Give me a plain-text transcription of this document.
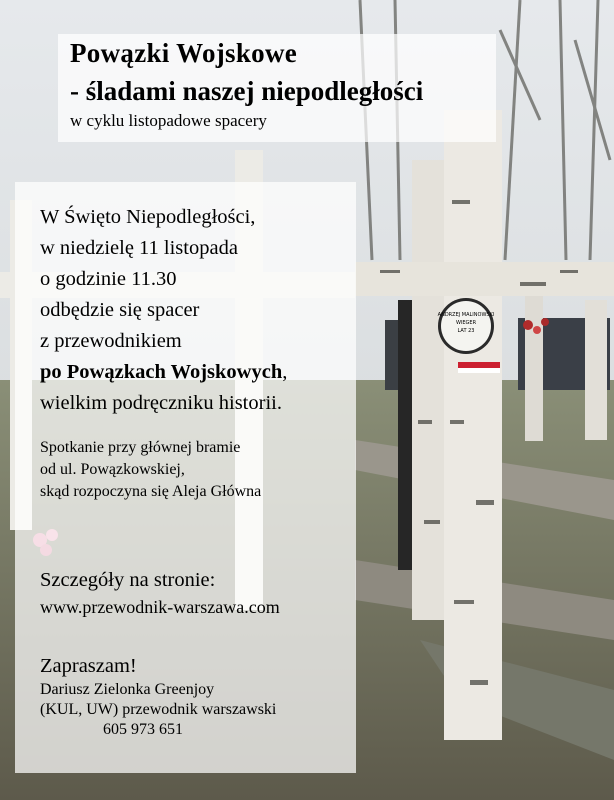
ANDRZEJ MALINOWSKI
WIEGER
LAT 23
Powązki Wojskowe
- śladami naszej niepodległości
w cyklu listopadowe spacery
W Święto Niepodległości,
w niedzielę 11 listopada
o godzinie 11.30
odbędzie się spacer
z przewodnikiem
po Powązkach Wojskowych,
wielkim podręczniku historii.
Spotkanie przy głównej bramie
od ul. Powązkowskiej,
skąd rozpoczyna się Aleja Główna
Szczegóły na stronie:
www.przewodnik-warszawa.com
Zapraszam!
Dariusz Zielonka Greenjoy
(KUL, UW) przewodnik warszawski
605 973 651
